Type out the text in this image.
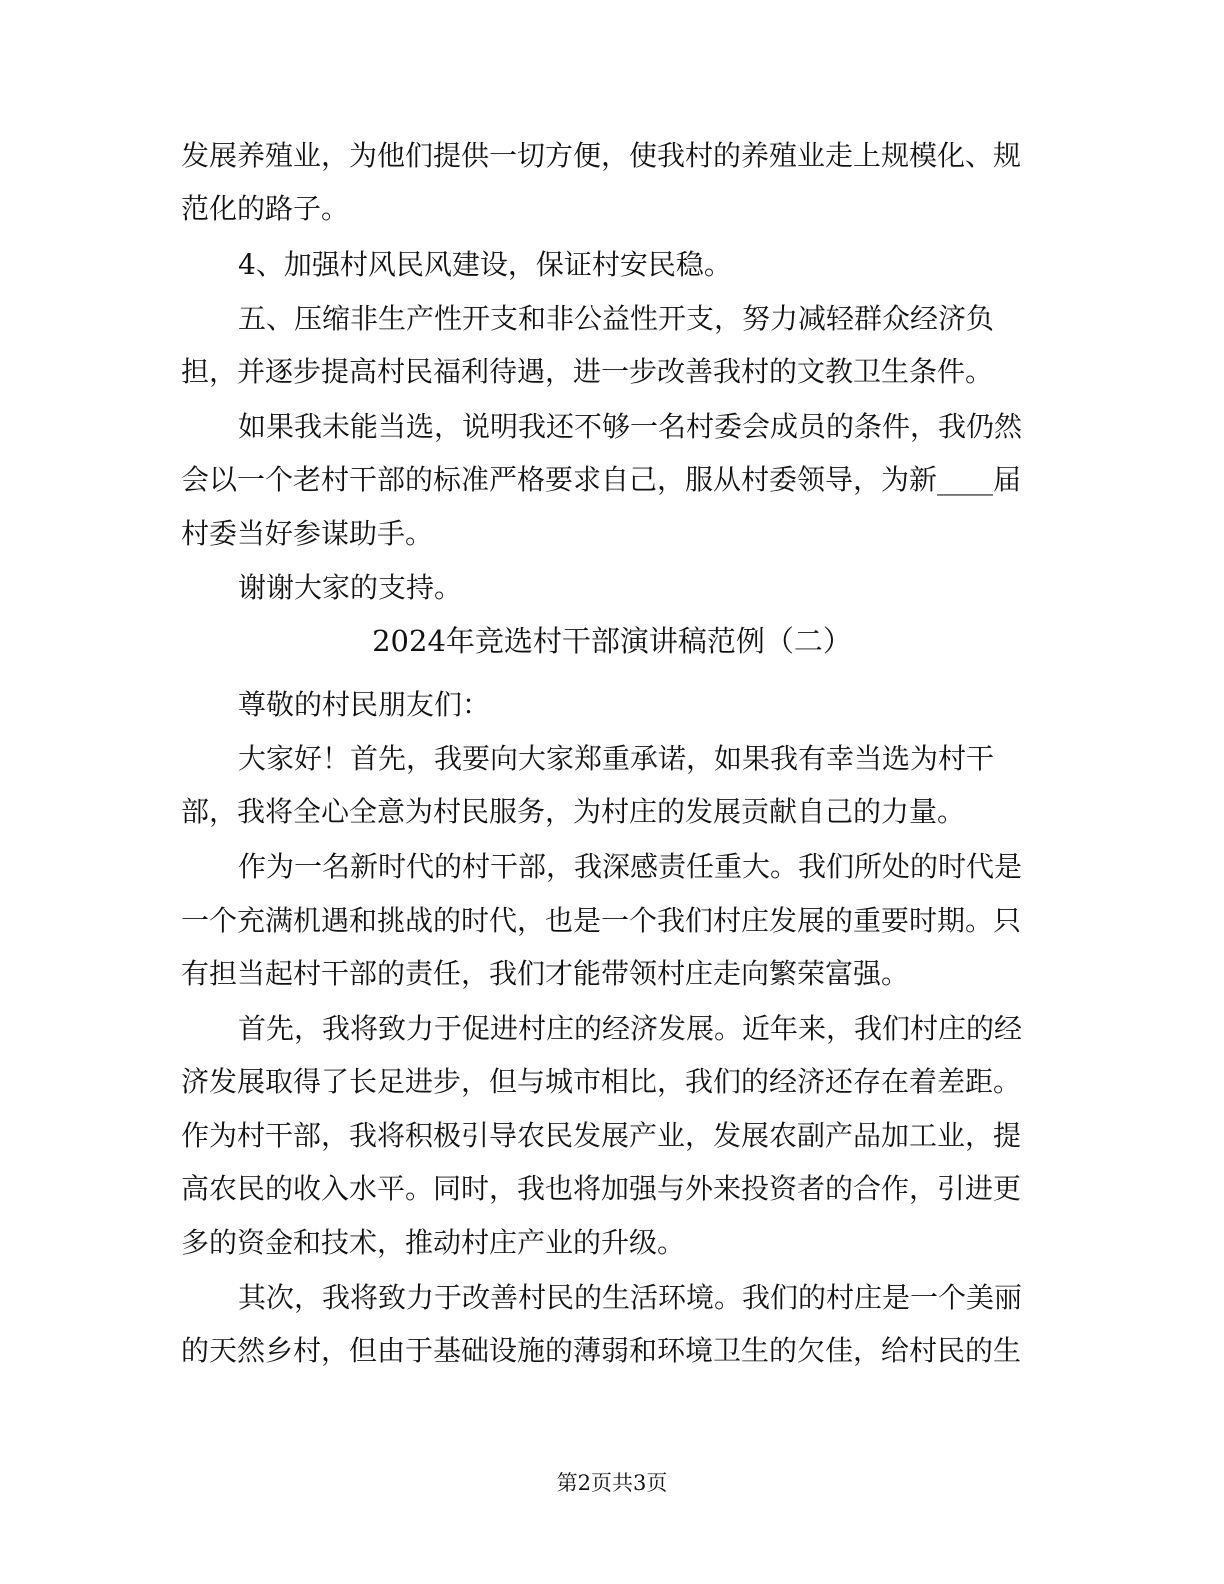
发展养殖业，为他们提供一切方便，使我村的养殖业走上规模化、规

范化的路子。

4、加强村风民风建设，保证村安民稳。

五、压缩非生产性开支和非公益性开支，努力减轻群众经济负

担，并逐步提高村民福利待遇，进一步改善我村的文教卫生条件。

如果我未能当选，说明我还不够一名村委会成员的条件，我仍然

会以一个老村干部的标准严格要求自己，服从村委领导，为新____届

村委当好参谋助手。

谢谢大家的支持。

2024年竞选村干部演讲稿范例（二）

尊敬的村民朋友们：

大家好！首先，我要向大家郑重承诺，如果我有幸当选为村干

部，我将全心全意为村民服务，为村庄的发展贡献自己的力量。

作为一名新时代的村干部，我深感责任重大。我们所处的时代是

一个充满机遇和挑战的时代，也是一个我们村庄发展的重要时期。只

有担当起村干部的责任，我们才能带领村庄走向繁荣富强。

首先，我将致力于促进村庄的经济发展。近年来，我们村庄的经

济发展取得了长足进步，但与城市相比，我们的经济还存在着差距。

作为村干部，我将积极引导农民发展产业，发展农副产品加工业，提

高农民的收入水平。同时，我也将加强与外来投资者的合作，引进更

多的资金和技术，推动村庄产业的升级。

其次，我将致力于改善村民的生活环境。我们的村庄是一个美丽

的天然乡村，但由于基础设施的薄弱和环境卫生的欠佳，给村民的生

第2页共3页
